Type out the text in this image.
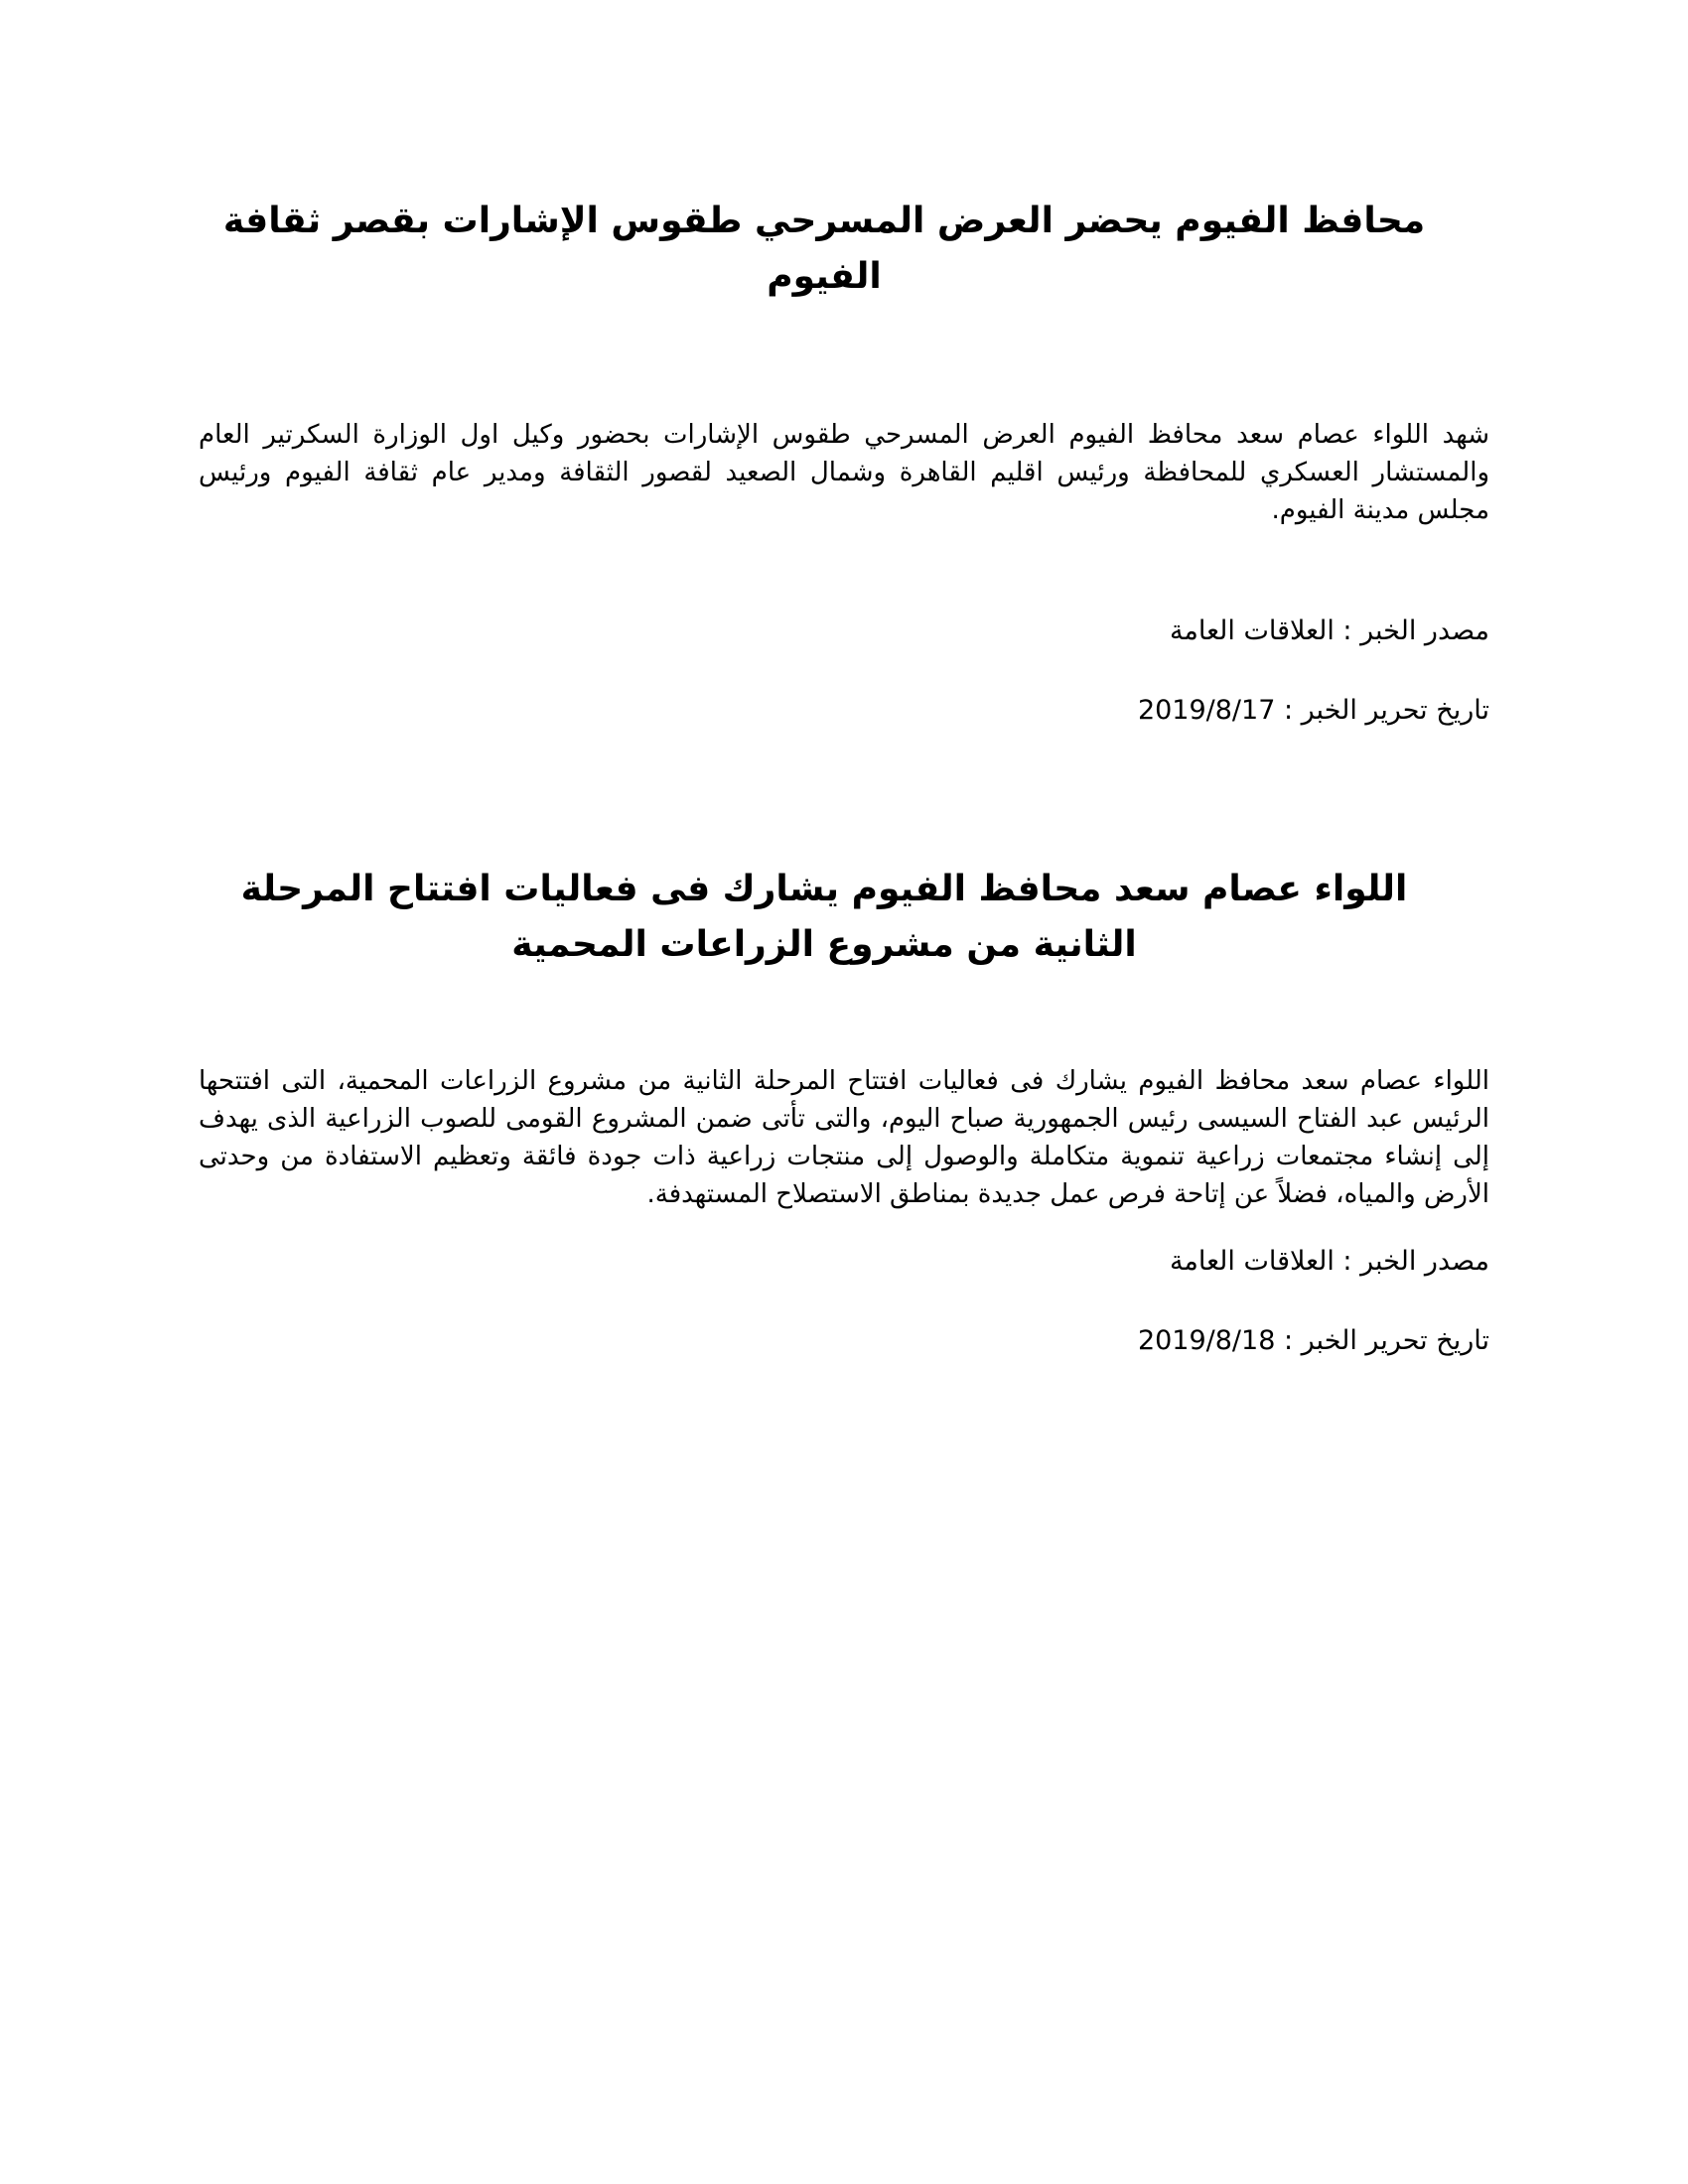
محافظ الفيوم يحضر العرض المسرحي طقوس الإشارات بقصر ثقافة الفيوم

شهد اللواء عصام سعد محافظ الفيوم العرض المسرحي طقوس الإشارات بحضور وكيل اول الوزارة السكرتير العام والمستشار العسكري للمحافظة ورئيس اقليم القاهرة وشمال الصعيد لقصور الثقافة ومدير عام ثقافة الفيوم ورئيس مجلس مدينة الفيوم.

مصدر الخبر : العلاقات العامة

تاريخ تحرير الخبر : 2019/8/17

اللواء عصام سعد محافظ الفيوم يشارك فى فعاليات افتتاح المرحلة الثانية من مشروع الزراعات المحمية

اللواء عصام سعد محافظ الفيوم يشارك فى فعاليات افتتاح المرحلة الثانية من مشروع الزراعات المحمية، التى افتتحها الرئيس عبد الفتاح السيسى رئيس الجمهورية صباح اليوم، والتى تأتى ضمن المشروع القومى للصوب الزراعية الذى يهدف إلى إنشاء مجتمعات زراعية تنموية متكاملة والوصول إلى منتجات زراعية ذات جودة فائقة وتعظيم الاستفادة من وحدتى الأرض والمياه، فضلاً عن إتاحة فرص عمل جديدة بمناطق الاستصلاح المستهدفة.

مصدر الخبر : العلاقات العامة

تاريخ تحرير الخبر : 2019/8/18
